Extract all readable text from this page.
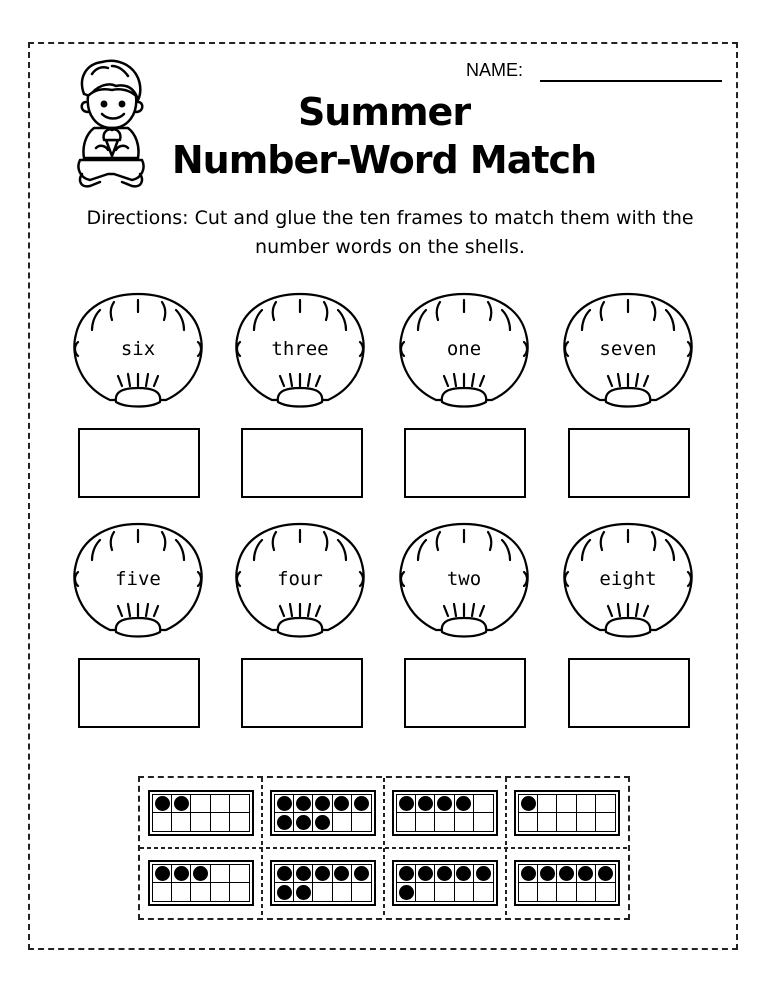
NAME:
Summer
Number-Word Match
Directions: Cut and glue the ten frames to match them with the number words on the shells.
six	three	one	seven
five	four	two	eight
